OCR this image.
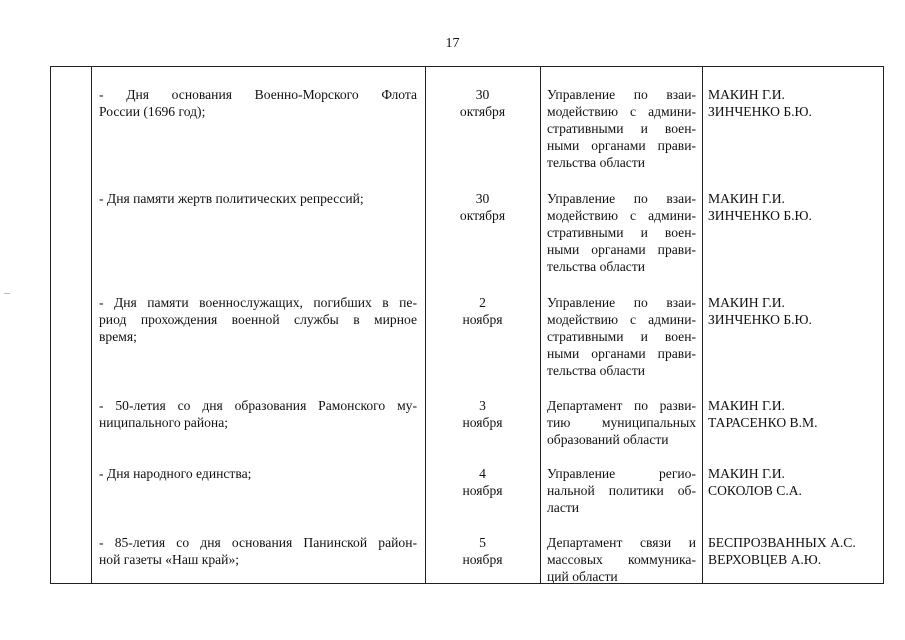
17
- Дня основания Военно-Морского Флота
России (1696 год);
30
октября
Управление по взаи-
модействию с админи-
стративными и воен-
ными органами прави-
тельства области
МАКИН Г.И.
ЗИНЧЕНКО Б.Ю.
- Дня памяти жертв политических репрессий;	30
октября
Управление по взаи-
модействию с админи-
стративными и воен-
ными органами прави-
тельства области
МАКИН Г.И.
ЗИНЧЕНКО Б.Ю.
- Дня памяти военнослужащих, погибших в пе-
риод прохождения военной службы в мирное
время;
2
ноября
Управление по взаи-
модействию с админи-
стративными и воен-
ными органами прави-
тельства области
МАКИН Г.И.
ЗИНЧЕНКО Б.Ю.
- 50-летия со дня образования Рамонского му-
ниципального района;
3
ноября
Департамент по разви-
тию муниципальных
образований области
МАКИН Г.И.
ТАРАСЕНКО В.М.
- Дня народного единства;	4
ноября
Управление регио-
нальной политики об-
ласти
МАКИН Г.И.
СОКОЛОВ С.А.
- 85-летия со дня основания Панинской район-
ной газеты «Наш край»;
5
ноября
Департамент связи и
массовых коммуника-
ций области
БЕСПРОЗВАННЫХ А.С.
ВЕРХОВЦЕВ А.Ю.
